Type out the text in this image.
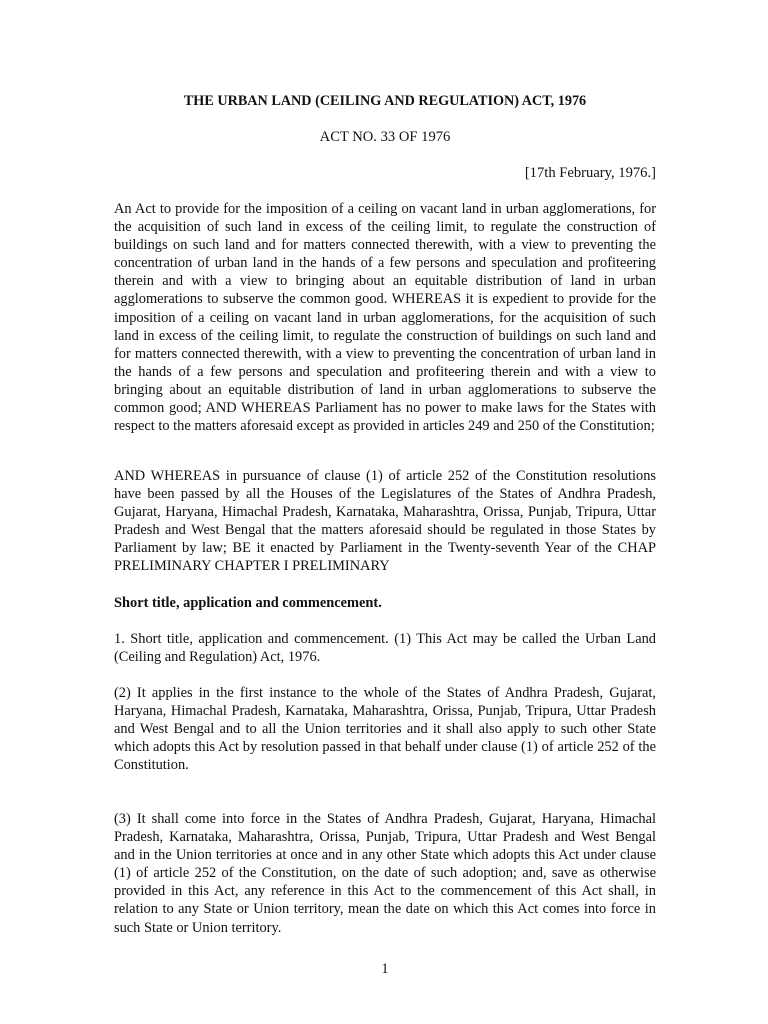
THE URBAN LAND (CEILING AND REGULATION) ACT, 1976

ACT NO. 33 OF 1976

[17th February, 1976.]

An Act to provide for the imposition of a ceiling on vacant land in urban agglomerations, for the acquisition of such land in excess of the ceiling limit, to regulate the construction of buildings on such land and for matters connected therewith, with a view to preventing the concentration of urban land in the hands of a few persons and speculation and profiteering therein and with a view to bringing about an equitable distribution of land in urban agglomerations to subserve the common good. WHEREAS it is expedient to provide for the imposition of a ceiling on vacant land in urban agglomerations, for the acquisition of such land in excess of the ceiling limit, to regulate the construction of buildings on such land and for matters connected therewith, with a view to preventing the concentration of urban land in the hands of a few persons and speculation and profiteering therein and with a view to bringing about an equitable distribution of land in urban agglomerations to subserve the common good; AND WHEREAS Parliament has no power to make laws for the States with respect to the matters aforesaid except as provided in articles 249 and 250 of the Constitution;

AND WHEREAS in pursuance of clause (1) of article 252 of the Constitution resolutions have been passed by all the Houses of the Legislatures of the States of Andhra Pradesh, Gujarat, Haryana, Himachal Pradesh, Karnataka, Maharashtra, Orissa, Punjab, Tripura, Uttar Pradesh and West Bengal that the matters aforesaid should be regulated in those States by Parliament by law; BE it enacted by Parliament in the Twenty-seventh Year of the CHAP PRELIMINARY CHAPTER I PRELIMINARY

Short title, application and commencement.

1. Short title, application and commencement. (1) This Act may be called the Urban Land (Ceiling and Regulation) Act, 1976.

(2) It applies in the first instance to the whole of the States of Andhra Pradesh, Gujarat, Haryana, Himachal Pradesh, Karnataka, Maharashtra, Orissa, Punjab, Tripura, Uttar Pradesh and West Bengal and to all the Union territories and it shall also apply to such other State which adopts this Act by resolution passed in that behalf under clause (1) of article 252 of the Constitution.

(3) It shall come into force in the States of Andhra Pradesh, Gujarat, Haryana, Himachal Pradesh, Karnataka, Maharashtra, Orissa, Punjab, Tripura, Uttar Pradesh and West Bengal and in the Union territories at once and in any other State which adopts this Act under clause (1) of article 252 of the Constitution, on the date of such adoption; and, save as otherwise provided in this Act, any reference in this Act to the commencement of this Act shall, in relation to any State or Union territory, mean the date on which this Act comes into force in such State or Union territory.

1
